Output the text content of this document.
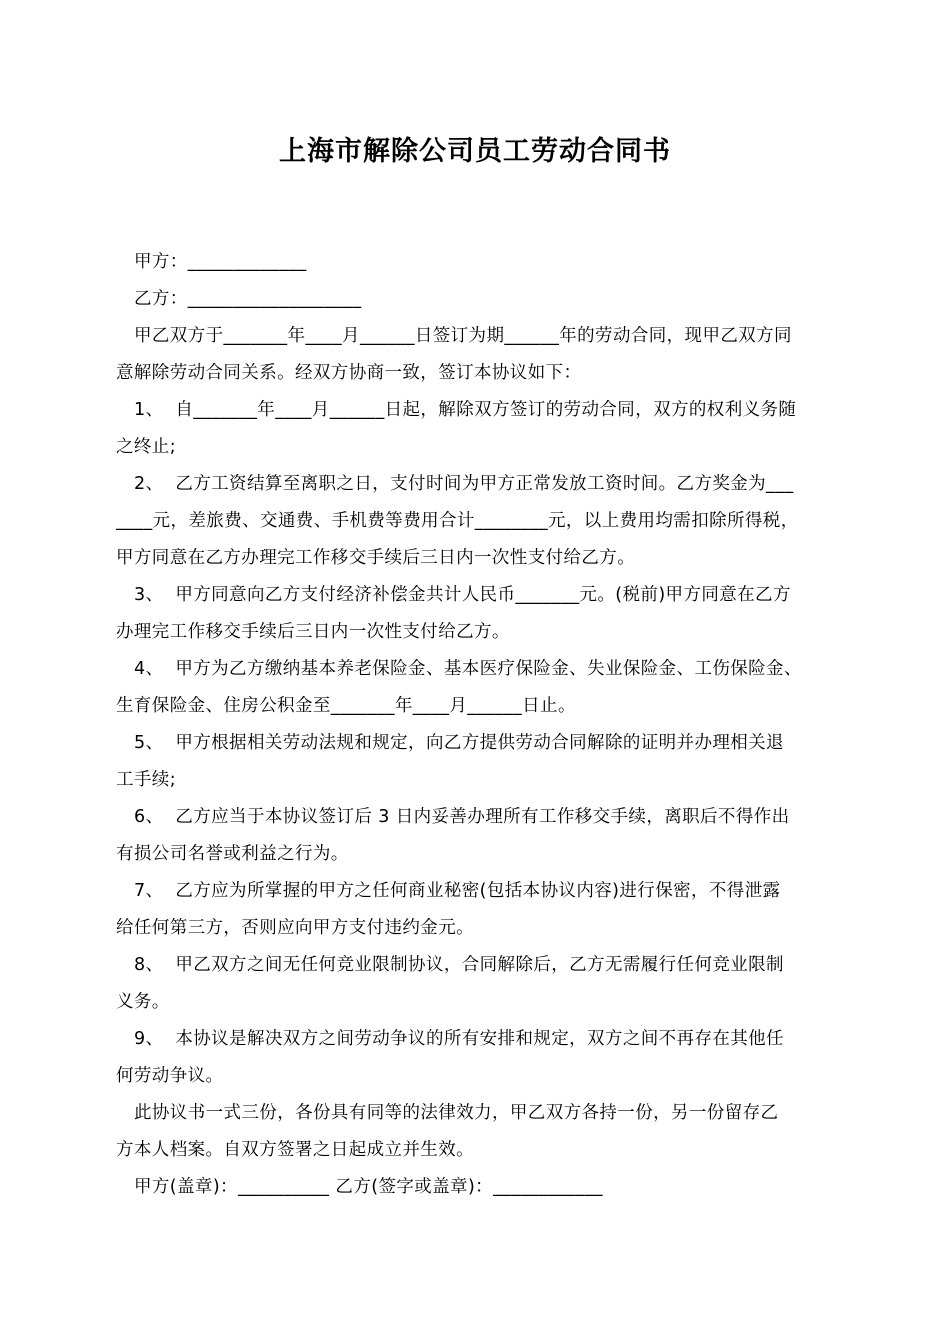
上海市解除公司员工劳动合同书
甲方：_____________
乙方：___________________
甲乙双方于_______年____月______日签订为期______年的劳动合同，现甲乙双方同
意解除劳动合同关系。经双方协商一致，签订本协议如下：
1、  自_______年____月______日起，解除双方签订的劳动合同，双方的权利义务随
之终止;
2、  乙方工资结算至离职之日，支付时间为甲方正常发放工资时间。乙方奖金为___
____元，差旅费、交通费、手机费等费用合计________元，以上费用均需扣除所得税，
甲方同意在乙方办理完工作移交手续后三日内一次性支付给乙方。
3、  甲方同意向乙方支付经济补偿金共计人民币_______元。(税前)甲方同意在乙方
办理完工作移交手续后三日内一次性支付给乙方。
4、  甲方为乙方缴纳基本养老保险金、基本医疗保险金、失业保险金、工伤保险金、
生育保险金、住房公积金至_______年____月______日止。
5、  甲方根据相关劳动法规和规定，向乙方提供劳动合同解除的证明并办理相关退
工手续;
6、  乙方应当于本协议签订后 3 日内妥善办理所有工作移交手续，离职后不得作出
有损公司名誉或利益之行为。
7、  乙方应为所掌握的甲方之任何商业秘密(包括本协议内容)进行保密，不得泄露
给任何第三方，否则应向甲方支付违约金元。
8、  甲乙双方之间无任何竞业限制协议，合同解除后，乙方无需履行任何竞业限制
义务。
9、  本协议是解决双方之间劳动争议的所有安排和规定，双方之间不再存在其他任
何劳动争议。
此协议书一式三份，各份具有同等的法律效力，甲乙双方各持一份，另一份留存乙
方本人档案。自双方签署之日起成立并生效。
甲方(盖章)：__________ 乙方(签字或盖章)：____________
